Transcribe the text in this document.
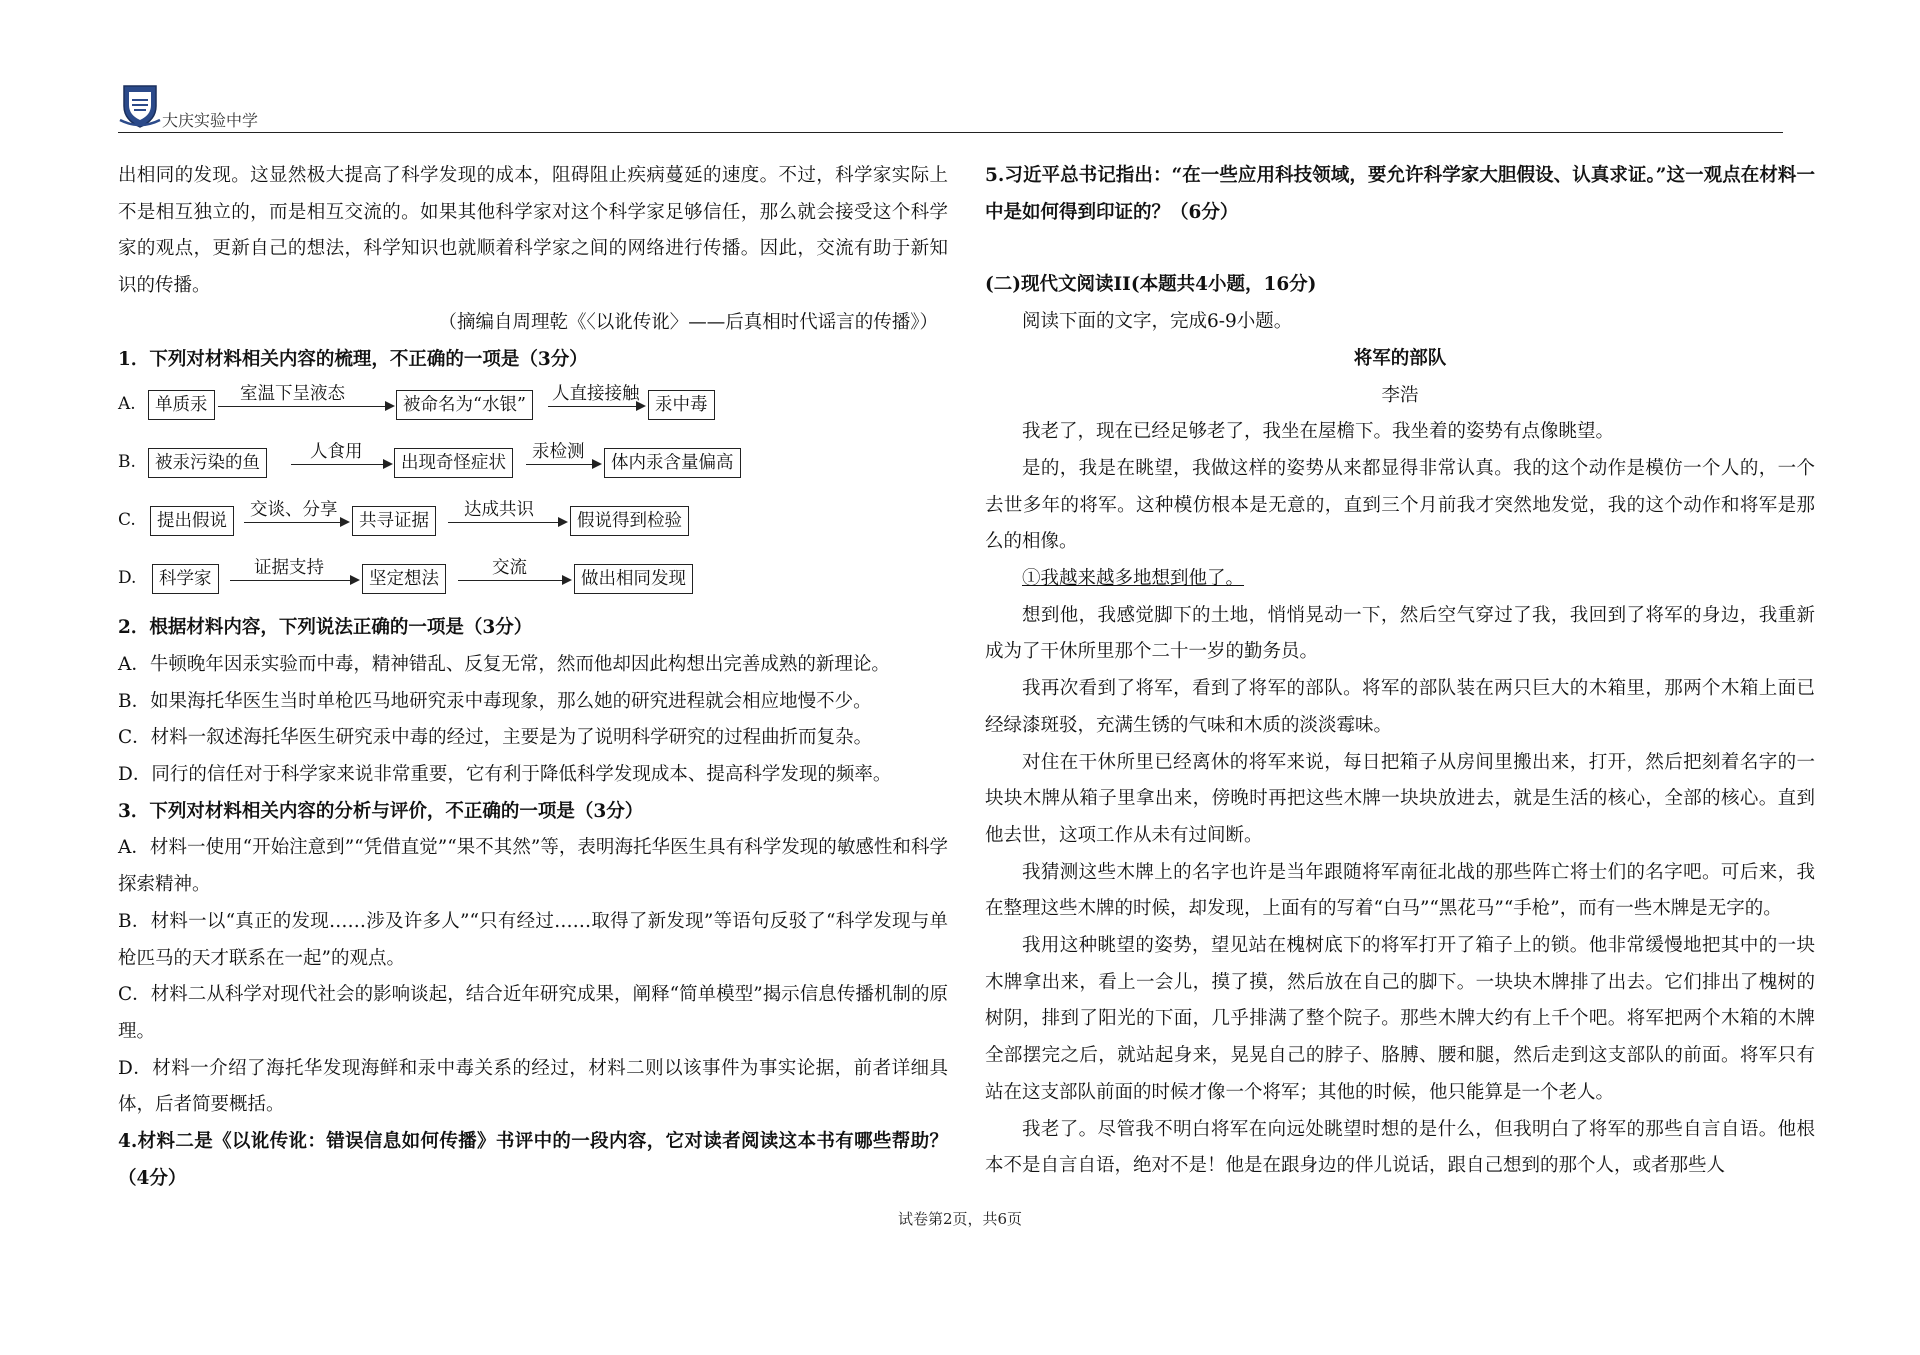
大庆实验中学

出相同的发现。这显然极大提高了科学发现的成本，阻碍阻止疾病蔓延的速度。不过，科学家实际上不是相互独立的，而是相互交流的。如果其他科学家对这个科学家足够信任，那么就会接受这个科学家的观点，更新自己的想法，科学知识也就顺着科学家之间的网络进行传播。因此，交流有助于新知识的传播。

（摘编自周理乾《〈以讹传讹〉——后真相时代谣言的传播》）

1．下列对材料相关内容的梳理，不正确的一项是（3分）

A.	单质汞
室温下呈液态
被命名为“水银”
人直接接触
汞中毒
B.	被汞污染的鱼
人食用
出现奇怪症状
汞检测
体内汞含量偏高
C.	提出假说
交谈、分享
共寻证据
达成共识
假说得到检验
D.	科学家
证据支持
坚定想法
交流
做出相同发现

2．根据材料内容，下列说法正确的一项是（3分）

A．牛顿晚年因汞实验而中毒，精神错乱、反复无常，然而他却因此构想出完善成熟的新理论。

B．如果海托华医生当时单枪匹马地研究汞中毒现象，那么她的研究进程就会相应地慢不少。

C．材料一叙述海托华医生研究汞中毒的经过，主要是为了说明科学研究的过程曲折而复杂。

D．同行的信任对于科学家来说非常重要，它有利于降低科学发现成本、提高科学发现的频率。

3．下列对材料相关内容的分析与评价，不正确的一项是（3分）

A．材料一使用“开始注意到”“凭借直觉”“果不其然”等，表明海托华医生具有科学发现的敏感性和科学探索精神。

B．材料一以“真正的发现……涉及许多人”“只有经过……取得了新发现”等语句反驳了“科学发现与单枪匹马的天才联系在一起”的观点。

C．材料二从科学对现代社会的影响谈起，结合近年研究成果，阐释“简单模型”揭示信息传播机制的原理。

D．材料一介绍了海托华发现海鲜和汞中毒关系的经过，材料二则以该事件为事实论据，前者详细具体，后者简要概括。

4.材料二是《以讹传讹：错误信息如何传播》书评中的一段内容，它对读者阅读这本书有哪些帮助？（4分）

5.习近平总书记指出：“在一些应用科技领域，要允许科学家大胆假设、认真求证。”这一观点在材料一中是如何得到印证的？（6分）

(二)现代文阅读II(本题共4小题，16分)

阅读下面的文字，完成6-9小题。

将军的部队

李浩

我老了，现在已经足够老了，我坐在屋檐下。我坐着的姿势有点像眺望。

是的，我是在眺望，我做这样的姿势从来都显得非常认真。我的这个动作是模仿一个人的，一个去世多年的将军。这种模仿根本是无意的，直到三个月前我才突然地发觉，我的这个动作和将军是那么的相像。

①我越来越多地想到他了。

想到他，我感觉脚下的土地，悄悄晃动一下，然后空气穿过了我，我回到了将军的身边，我重新成为了干休所里那个二十一岁的勤务员。

我再次看到了将军，看到了将军的部队。将军的部队装在两只巨大的木箱里，那两个木箱上面已经绿漆斑驳，充满生锈的气味和木质的淡淡霉味。

对住在干休所里已经离休的将军来说，每日把箱子从房间里搬出来，打开，然后把刻着名字的一块块木牌从箱子里拿出来，傍晚时再把这些木牌一块块放进去，就是生活的核心，全部的核心。直到他去世，这项工作从未有过间断。

我猜测这些木牌上的名字也许是当年跟随将军南征北战的那些阵亡将士们的名字吧。可后来，我在整理这些木牌的时候，却发现，上面有的写着“白马”“黑花马”“手枪”，而有一些木牌是无字的。

我用这种眺望的姿势，望见站在槐树底下的将军打开了箱子上的锁。他非常缓慢地把其中的一块木牌拿出来，看上一会儿，摸了摸，然后放在自己的脚下。一块块木牌排了出去。它们排出了槐树的树阴，排到了阳光的下面，几乎排满了整个院子。那些木牌大约有上千个吧。将军把两个木箱的木牌全部摆完之后，就站起身来，晃晃自己的脖子、胳膊、腰和腿，然后走到这支部队的前面。将军只有站在这支部队前面的时候才像一个将军；其他的时候，他只能算是一个老人。

我老了。尽管我不明白将军在向远处眺望时想的是什么，但我明白了将军的那些自言自语。他根本不是自言自语，绝对不是！他是在跟身边的伴儿说话，跟自己想到的那个人，或者那些人

试卷第2页，共6页
